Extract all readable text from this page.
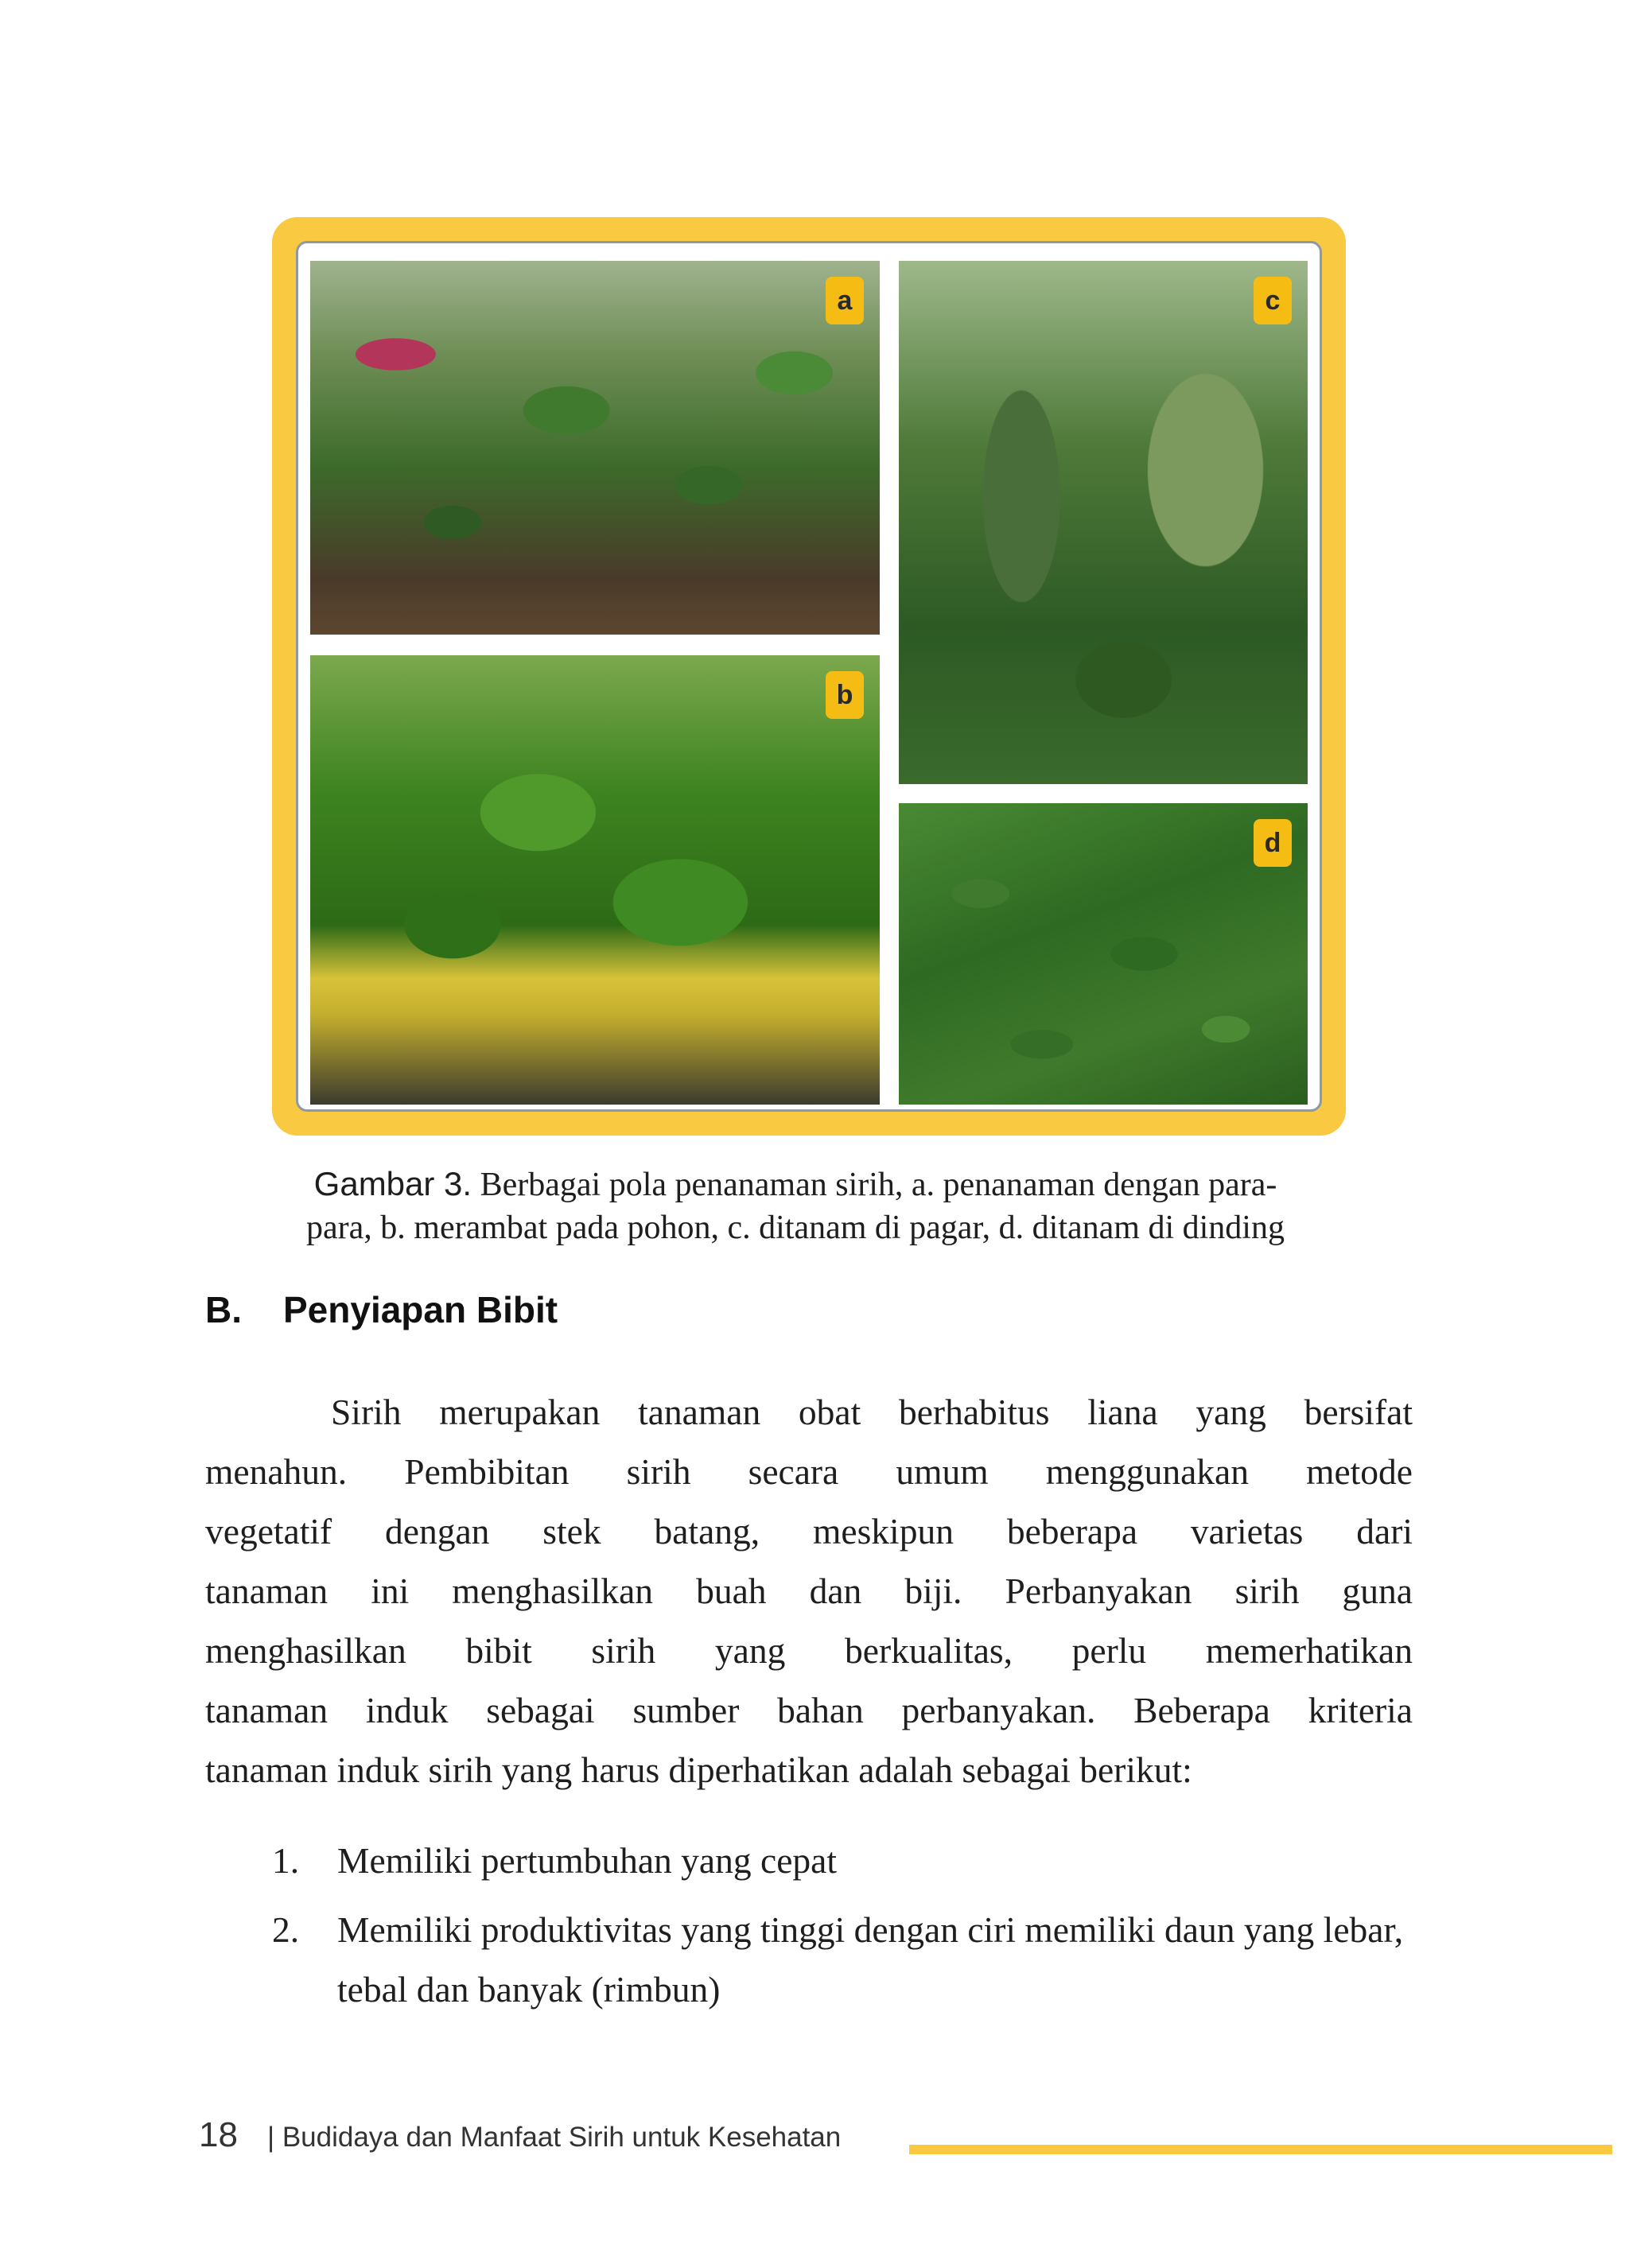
a
b
c
d
Gambar 3. Berbagai pola penanaman sirih, a. penanaman dengan para-
para, b. merambat pada pohon, c. ditanam di pagar, d. ditanam di dinding
B. Penyiapan Bibit
Sirih merupakan tanaman obat berhabitus liana yang bersifat
menahun. Pembibitan sirih secara umum menggunakan metode
vegetatif dengan stek batang, meskipun beberapa varietas dari
tanaman ini menghasilkan buah dan biji. Perbanyakan sirih guna
menghasilkan bibit sirih yang berkualitas, perlu memerhatikan
tanaman induk sebagai sumber bahan perbanyakan. Beberapa kriteria
tanaman induk sirih yang harus diperhatikan adalah sebagai berikut:
1. Memiliki pertumbuhan yang cepat
2. Memiliki produktivitas yang tinggi dengan ciri memiliki daun yang lebar, tebal dan banyak (rimbun)
18 | Budidaya dan Manfaat Sirih untuk Kesehatan
